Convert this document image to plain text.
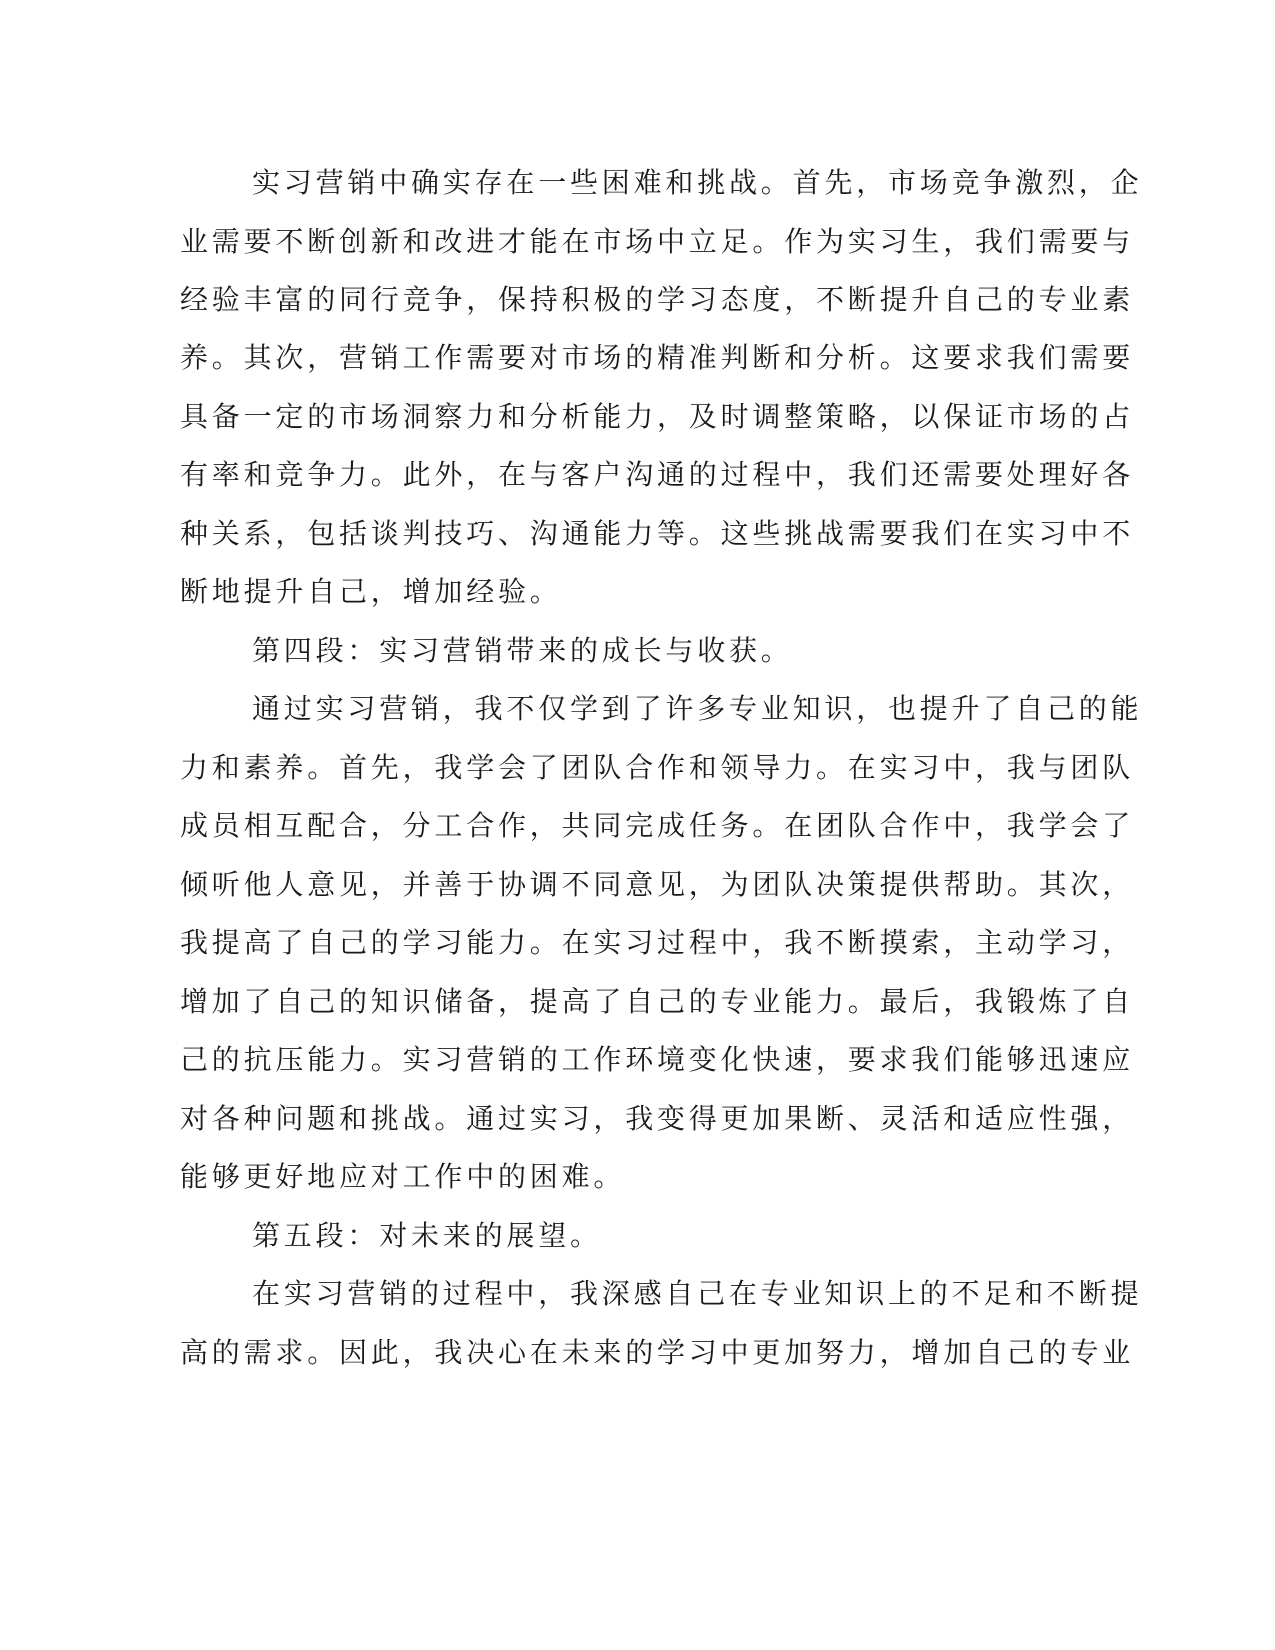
实习营销中确实存在一些困难和挑战。首先，市场竞争激烈，企
业需要不断创新和改进才能在市场中立足。作为实习生，我们需要与
经验丰富的同行竞争，保持积极的学习态度，不断提升自己的专业素
养。其次，营销工作需要对市场的精准判断和分析。这要求我们需要
具备一定的市场洞察力和分析能力，及时调整策略，以保证市场的占
有率和竞争力。此外，在与客户沟通的过程中，我们还需要处理好各
种关系，包括谈判技巧、沟通能力等。这些挑战需要我们在实习中不
断地提升自己，增加经验。
第四段：实习营销带来的成长与收获。
通过实习营销，我不仅学到了许多专业知识，也提升了自己的能
力和素养。首先，我学会了团队合作和领导力。在实习中，我与团队
成员相互配合，分工合作，共同完成任务。在团队合作中，我学会了
倾听他人意见，并善于协调不同意见，为团队决策提供帮助。其次，
我提高了自己的学习能力。在实习过程中，我不断摸索，主动学习，
增加了自己的知识储备，提高了自己的专业能力。最后，我锻炼了自
己的抗压能力。实习营销的工作环境变化快速，要求我们能够迅速应
对各种问题和挑战。通过实习，我变得更加果断、灵活和适应性强，
能够更好地应对工作中的困难。
第五段：对未来的展望。
在实习营销的过程中，我深感自己在专业知识上的不足和不断提
高的需求。因此，我决心在未来的学习中更加努力，增加自己的专业
